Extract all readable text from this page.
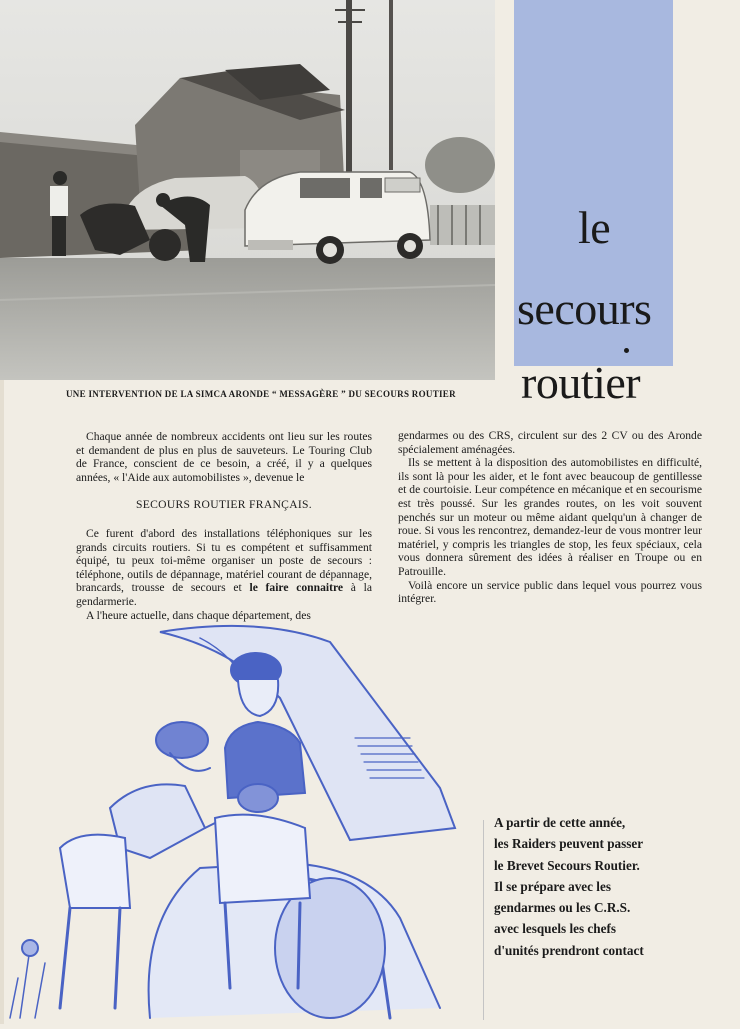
le
secours
routier
UNE INTERVENTION DE LA SIMCA ARONDE “ MESSAGÈRE ” DU SECOURS ROUTIER

Chaque année de nombreux accidents ont lieu sur les routes et demandent de plus en plus de sauveteurs. Le Touring Club de France, conscient de ce besoin, a créé, il y a quelques années, « l'Aide aux automobilistes », devenue le

SECOURS ROUTIER FRANÇAIS.

Ce furent d'abord des installations téléphoniques sur les grands circuits routiers. Si tu es compétent et suffisamment équipé, tu peux toi-même organiser un poste de secours : téléphone, outils de dépannage, matériel courant de dépannage, brancards, trousse de secours et le faire connaitre à la gendarmerie.

A l'heure actuelle, dans chaque département, des

gendarmes ou des CRS, circulent sur des 2 CV ou des Aronde spécialement aménagées.

Ils se mettent à la disposition des automobilistes en difficulté, ils sont là pour les aider, et le font avec beaucoup de gentillesse et de courtoisie. Leur compétence en mécanique et en secourisme est très poussé. Sur les grandes routes, on les voit souvent penchés sur un moteur ou même aidant quelqu'un à changer de roue. Si vous les rencontrez, demandez-leur de vous montrer leur matériel, y compris les triangles de stop, les feux spéciaux, cela vous donnera sûrement des idées à réaliser en Troupe ou en Patrouille.

Voilà encore un service public dans lequel vous pourrez vous intégrer.

A partir de cette année,
les Raiders peuvent passer
le Brevet Secours Routier.
Il se prépare avec les
gendarmes ou les C.R.S.
avec lesquels les chefs
d'unités prendront contact
